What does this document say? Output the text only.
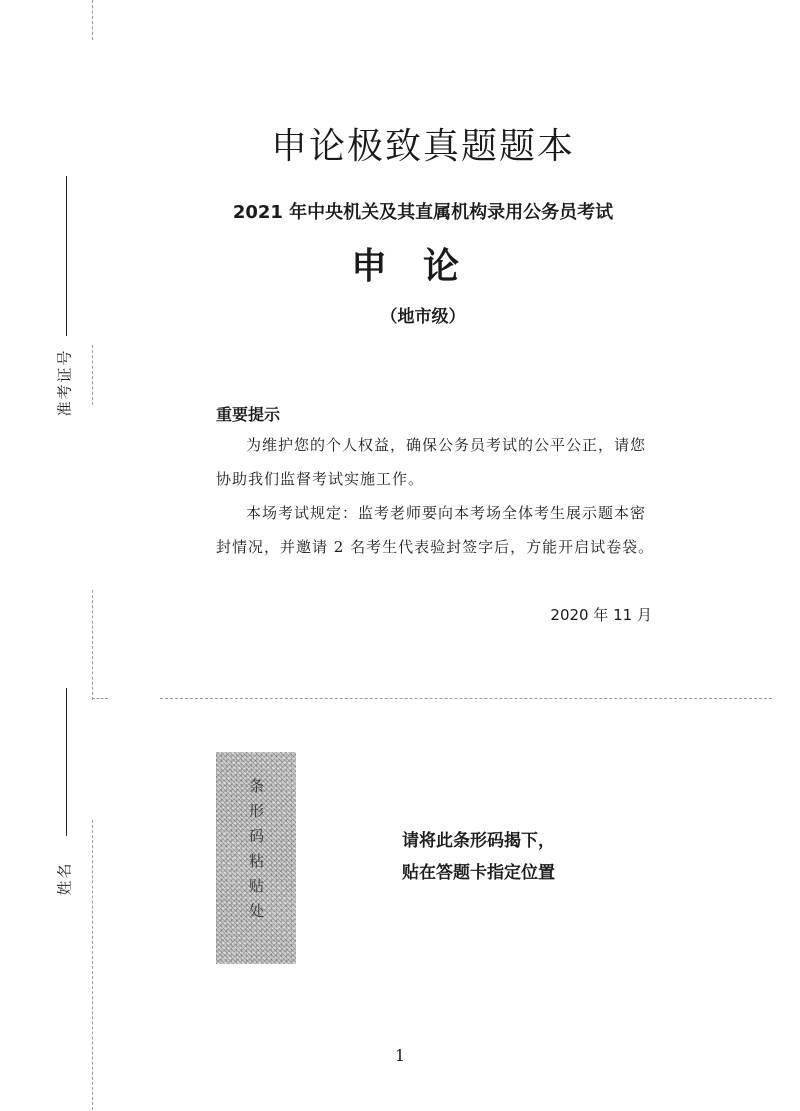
准考证号
姓名
申论极致真题题本
2021 年中央机关及其直属机构录用公务员考试
申论
（地市级）
重要提示
为维护您的个人权益，确保公务员考试的公平公正，请您协助我们监督考试实施工作。
本场考试规定：监考老师要向本考场全体考生展示题本密封情况，并邀请 2 名考生代表验封签字后，方能开启试卷袋。
2020 年 11 月
条形码粘贴处	请将此条形码揭下，
贴在答题卡指定位置
1
